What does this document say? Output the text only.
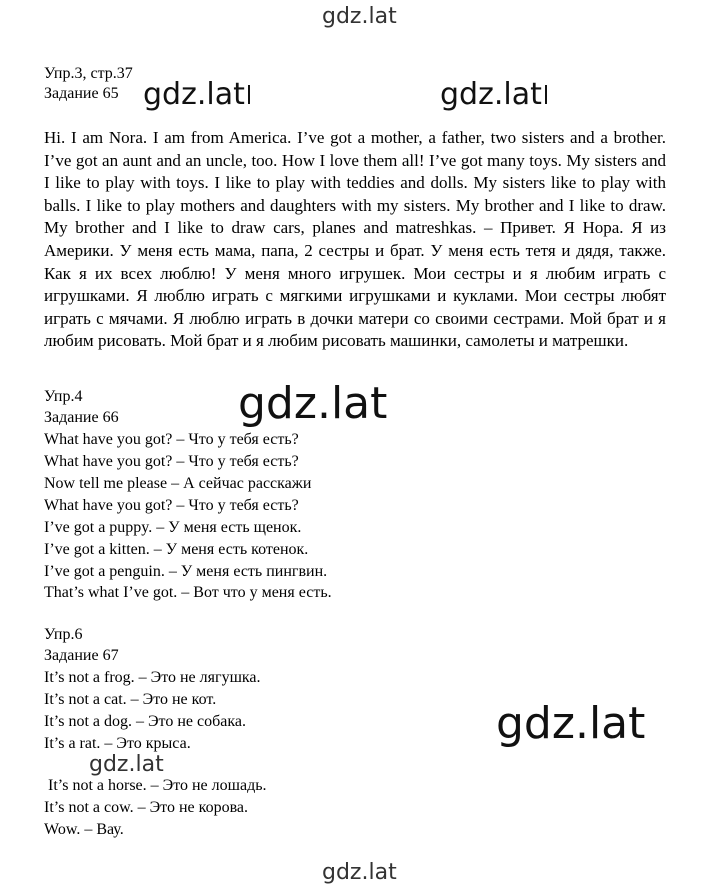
gdz.lat
gdz.lat	gdz.lat
gdz.lat
gdz.lat
gdz.lat
gdz.lat
Упр.3, стр.37
Задание 65
Hi. I am Nora. I am from America. I’ve got a mother, a father, two sisters and a brother. I’ve got an aunt and an uncle, too. How I love them all! I’ve got many toys. My sisters and I like to play with toys. I like to play with teddies and dolls. My sisters like to play with balls. I like to play mothers and daughters with my sisters. My brother and I like to draw. My brother and I like to draw cars, planes and matreshkas. – Привет. Я Нора. Я из Америки. У меня есть мама, папа, 2 сестры и брат. У меня есть тетя и дядя, также. Как я их всех люблю! У меня много игрушек. Мои сестры и я любим играть с игрушками. Я люблю играть с мягкими игрушками и куклами. Мои сестры любят играть с мячами. Я люблю играть в дочки матери со своими сестрами. Мой брат и я любим рисовать. Мой брат и я любим рисовать машинки, самолеты и матрешки.
Упр.4
Задание 66
What have you got? – Что у тебя есть?
What have you got? – Что у тебя есть?
Now tell me please – А сейчас расскажи
What have you got? – Что у тебя есть?
I’ve got a puppy. – У меня есть щенок.
I’ve got a kitten. – У меня есть котенок.
I’ve got a penguin. – У меня есть пингвин.
That’s what I’ve got. – Вот что у меня есть.
Упр.6
Задание 67
It’s not a frog. – Это не лягушка.
It’s not a cat. – Это не кот.
It’s not a dog. – Это не собака.
It’s a rat. – Это крыса.
It’s not a horse. – Это не лошадь.
It’s not a cow. – Это не корова.
Wow. – Вау.
